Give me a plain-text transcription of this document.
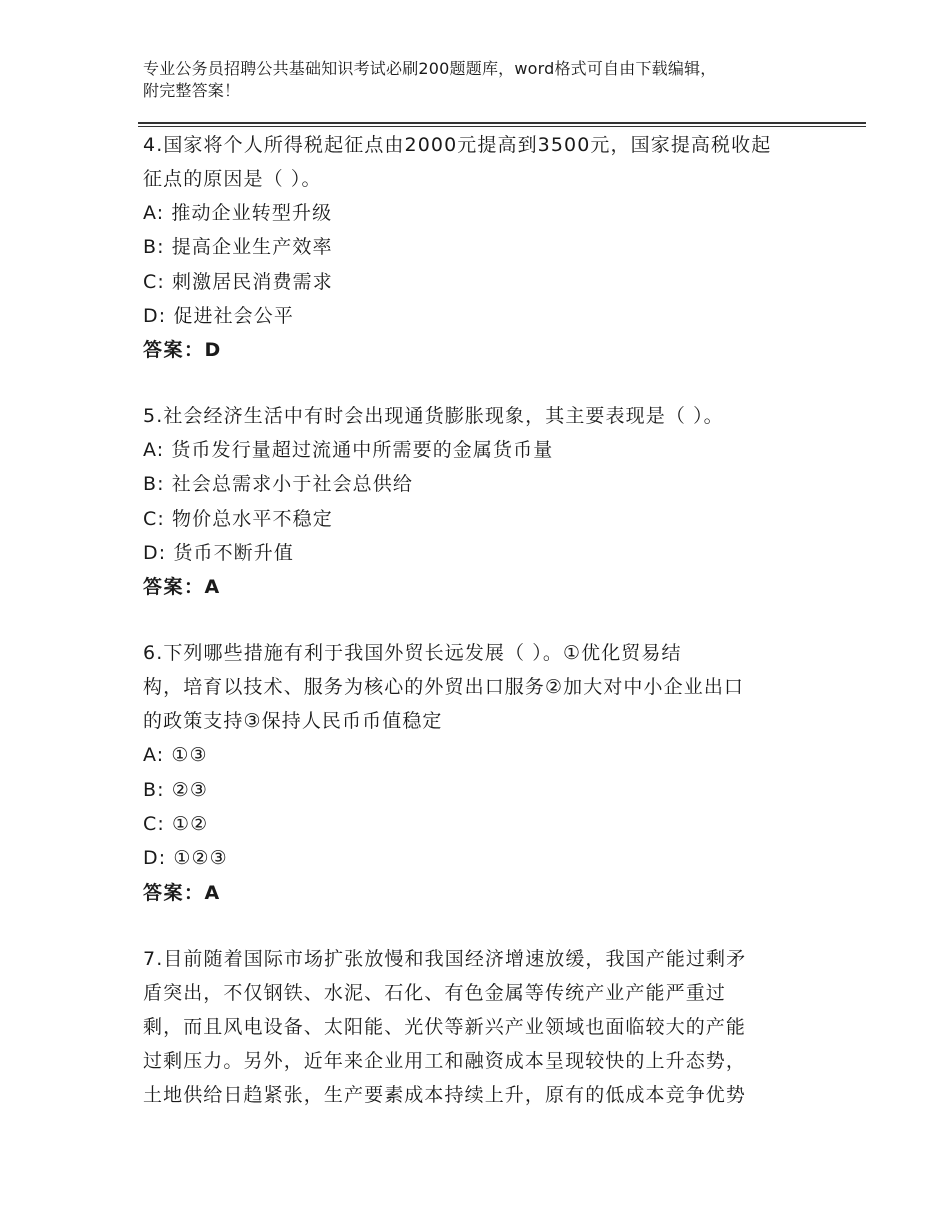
专业公务员招聘公共基础知识考试必刷200题题库，word格式可自由下载编辑，
附完整答案！

4.国家将个人所得税起征点由2000元提高到3500元，国家提高税收起

征点的原因是（ ）。

A: 推动企业转型升级

B: 提高企业生产效率

C: 刺激居民消费需求

D: 促进社会公平

答案：D

5.社会经济生活中有时会出现通货膨胀现象，其主要表现是（ ）。

A: 货币发行量超过流通中所需要的金属货币量

B: 社会总需求小于社会总供给

C: 物价总水平不稳定

D: 货币不断升值

答案：A

6.下列哪些措施有利于我国外贸长远发展（ ）。①优化贸易结

构，培育以技术、服务为核心的外贸出口服务②加大对中小企业出口

的政策支持③保持人民币币值稳定

A: ①③

B: ②③

C: ①②

D: ①②③

答案：A

7.目前随着国际市场扩张放慢和我国经济增速放缓，我国产能过剩矛

盾突出，不仅钢铁、水泥、石化、有色金属等传统产业产能严重过

剩，而且风电设备、太阳能、光伏等新兴产业领域也面临较大的产能

过剩压力。另外，近年来企业用工和融资成本呈现较快的上升态势，

土地供给日趋紧张，生产要素成本持续上升，原有的低成本竞争优势
